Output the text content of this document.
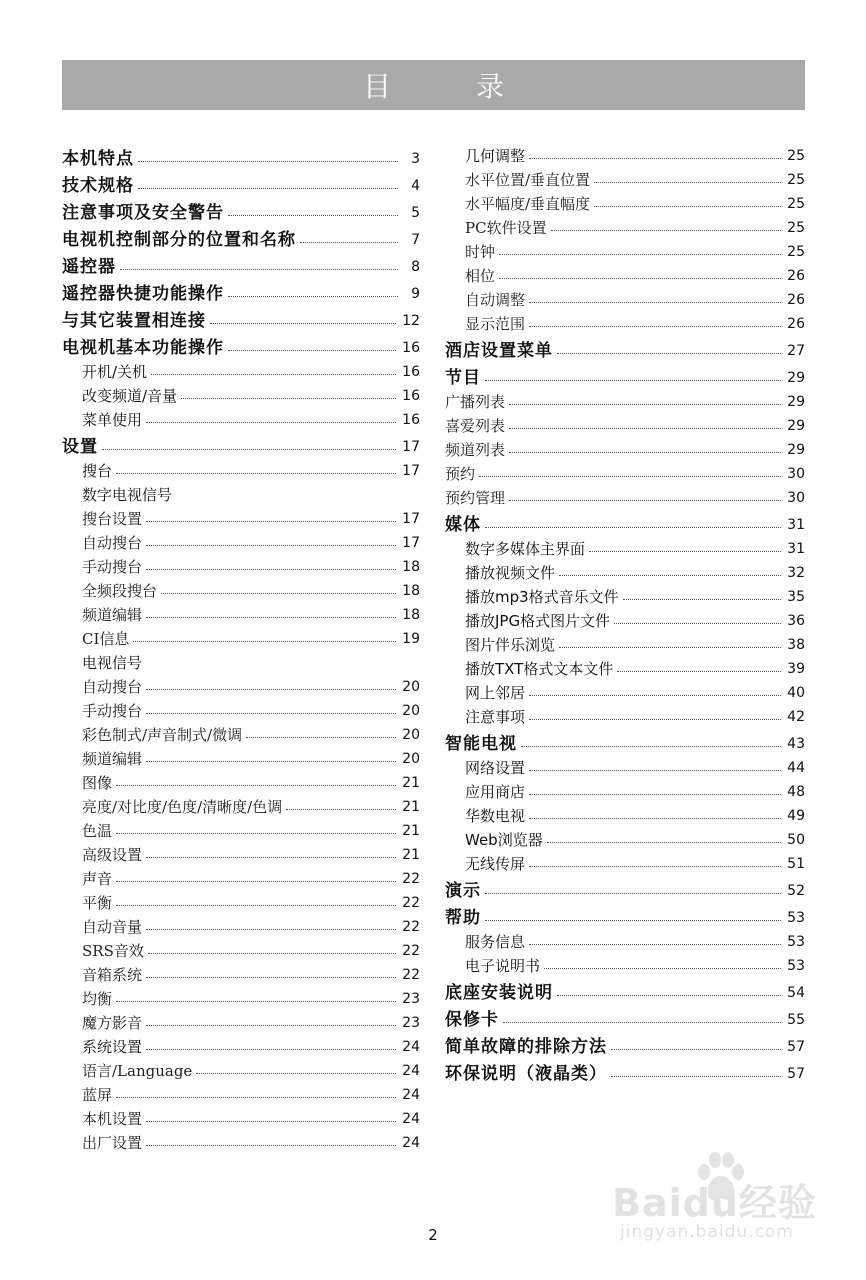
目 录
本机特点	3
技术规格	4
注意事项及安全警告	5
电视机控制部分的位置和名称	7
遥控器	8
遥控器快捷功能操作	9
与其它装置相连接	12
电视机基本功能操作	16
开机/关机	16
改变频道/音量	16
菜单使用	16
设置	17
搜台	17
数字电视信号
搜台设置	17
自动搜台	17
手动搜台	18
全频段搜台	18
频道编辑	18
CI信息	19
电视信号
自动搜台	20
手动搜台	20
彩色制式/声音制式/微调	20
频道编辑	20
图像	21
亮度/对比度/色度/清晰度/色调	21
色温	21
高级设置	21
声音	22
平衡	22
自动音量	22
SRS音效	22
音箱系统	22
均衡	23
魔方影音	23
系统设置	24
语言/Language	24
蓝屏	24
本机设置	24
出厂设置	24
几何调整	25
水平位置/垂直位置	25
水平幅度/垂直幅度	25
PC软件设置	25
时钟	25
相位	26
自动调整	26
显示范围	26
酒店设置菜单	27
节目	29
广播列表	29
喜爱列表	29
频道列表	29
预约	30
预约管理	30
媒体	31
数字多媒体主界面	31
播放视频文件	32
播放mp3格式音乐文件	35
播放JPG格式图片文件	36
图片伴乐浏览	38
播放TXT格式文本文件	39
网上邻居	40
注意事项	42
智能电视	43
网络设置	44
应用商店	48
华数电视	49
Web浏览器	50
无线传屏	51
演示	52
帮助	53
服务信息	53
电子说明书	53
底座安装说明	54
保修卡	55
简单故障的排除方法	57
环保说明（液晶类）	57
2
Baidu经验
jingyan.baidu.com
